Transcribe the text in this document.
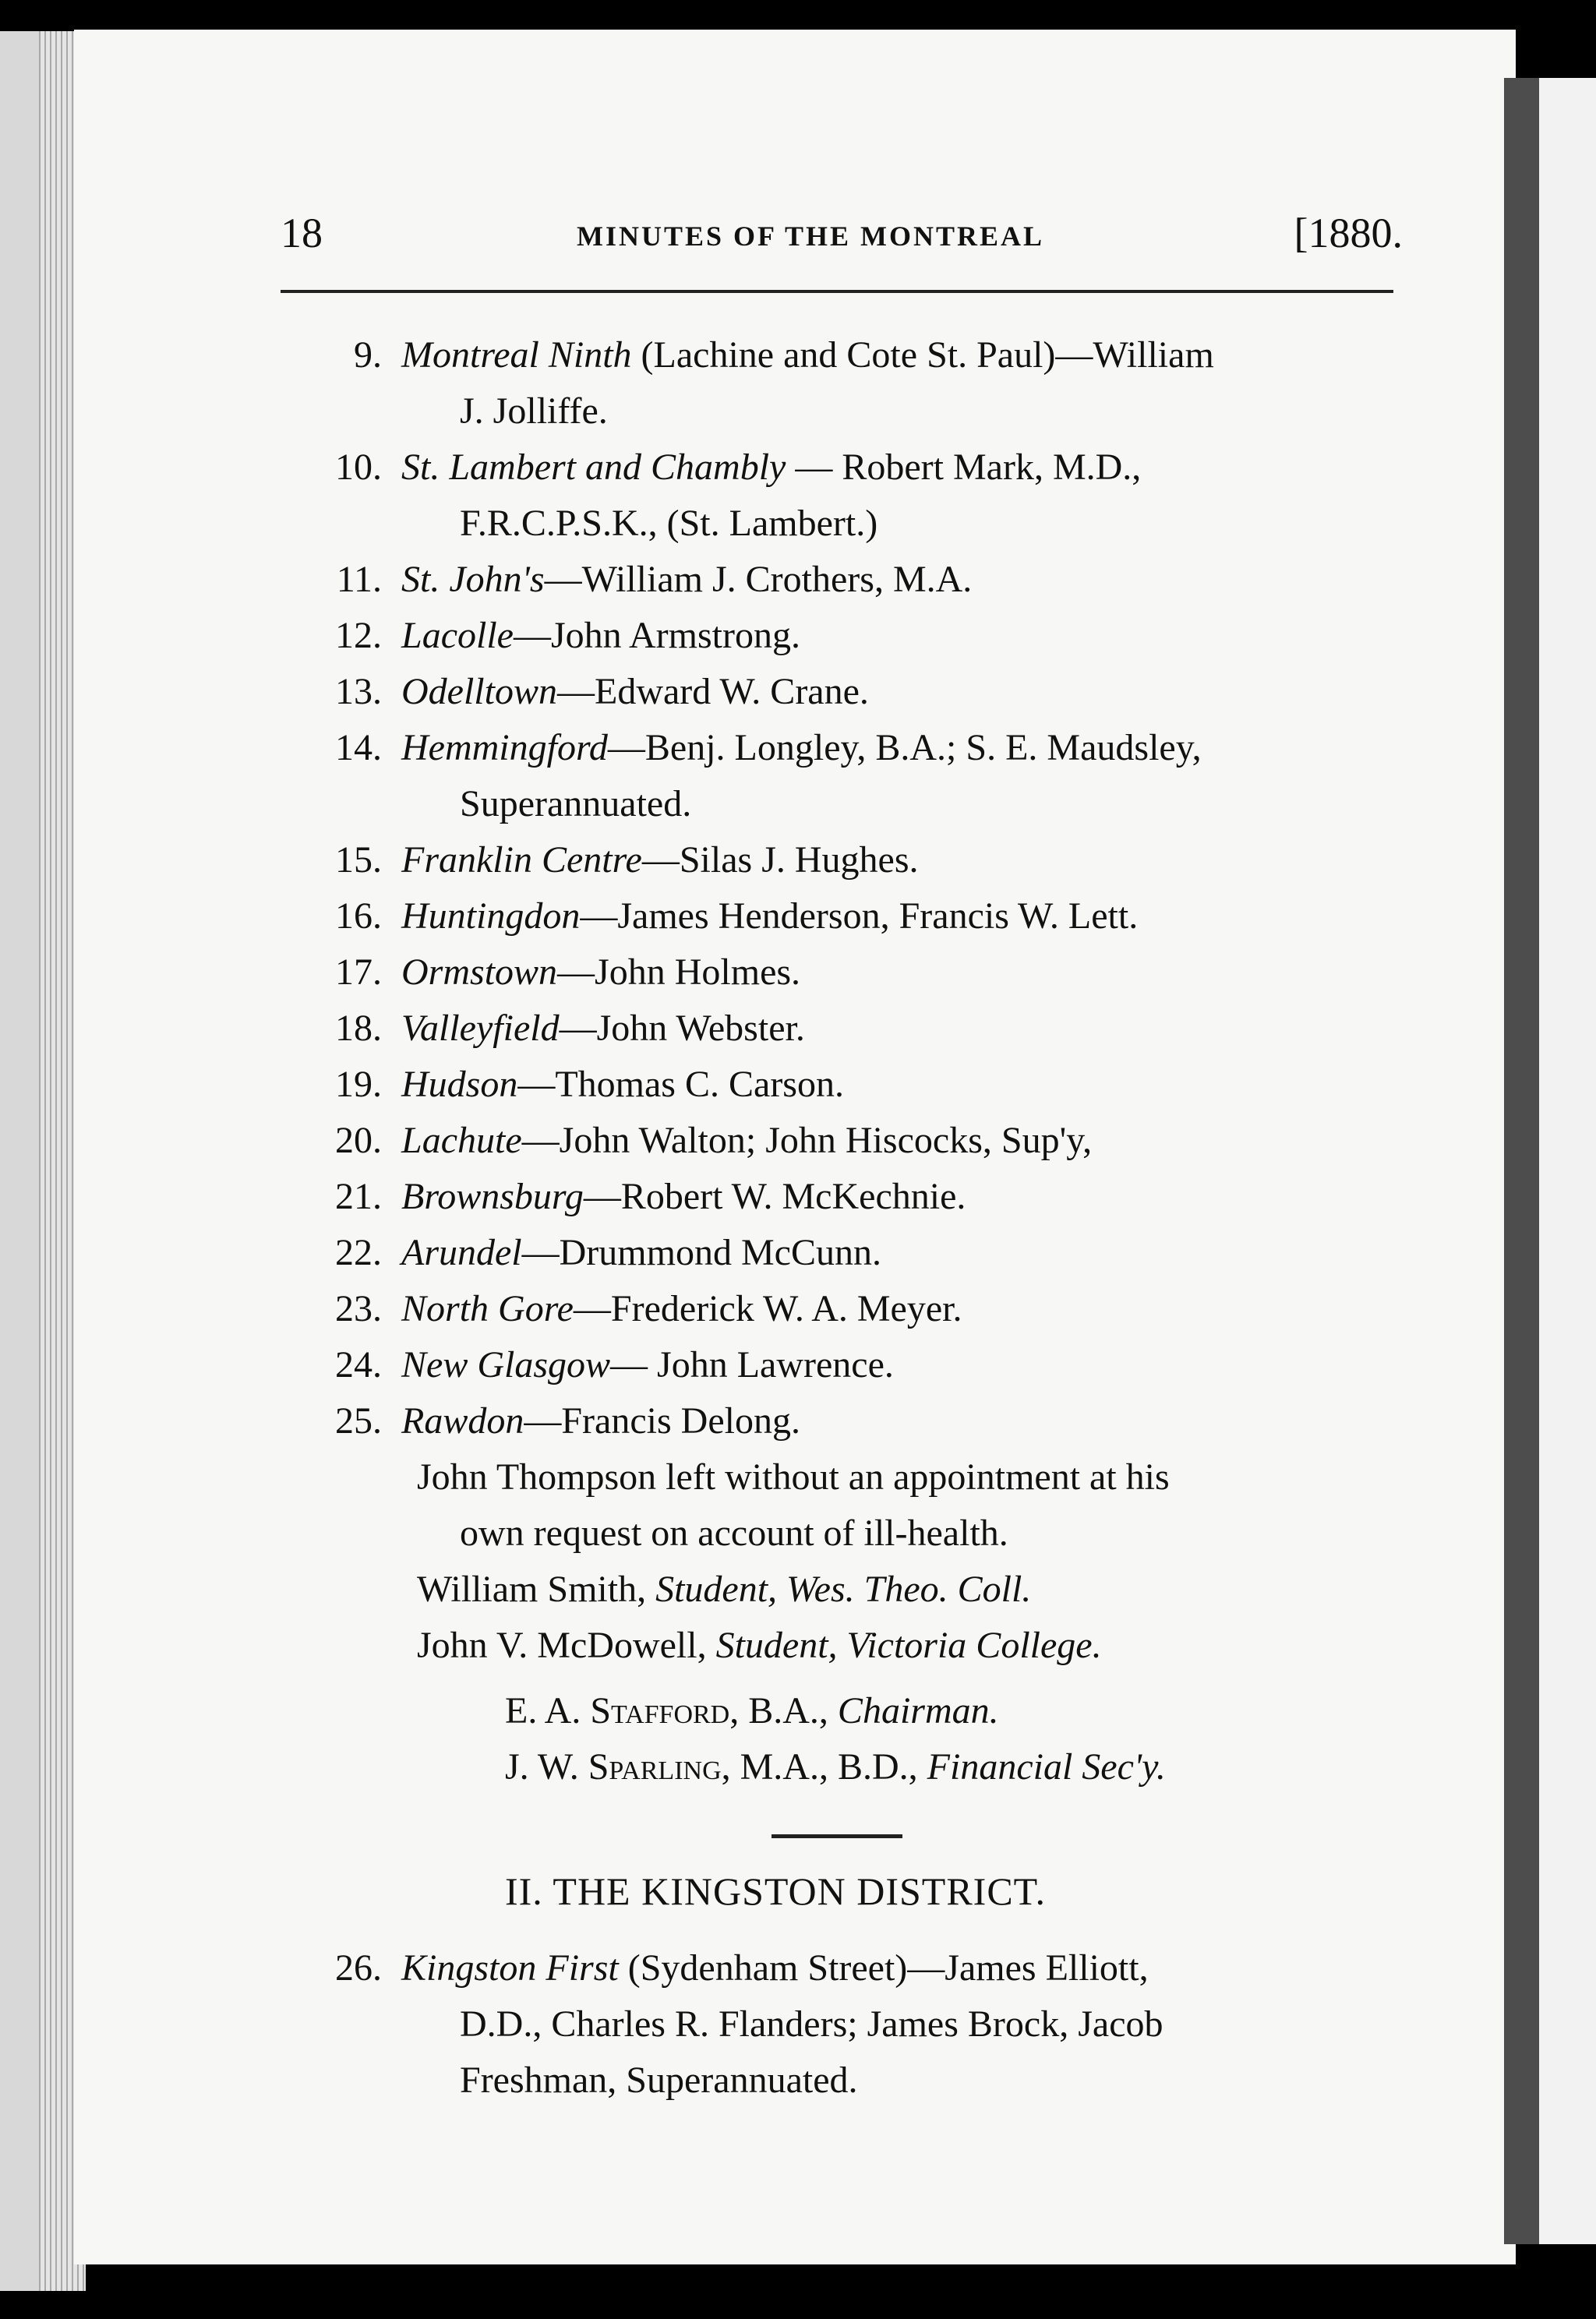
18	MINUTES OF THE MONTREAL	[1880.
9. Montreal Ninth (Lachine and Cote St. Paul)—William
J. Jolliffe.
10. St. Lambert and Chambly — Robert Mark, M.D.,
F.R.C.P.S.K., (St. Lambert.)
11. St. John's—William J. Crothers, M.A.
12. Lacolle—John Armstrong.
13. Odelltown—Edward W. Crane.
14. Hemmingford—Benj. Longley, B.A.; S. E. Maudsley,
Superannuated.
15. Franklin Centre—Silas J. Hughes.
16. Huntingdon—James Henderson, Francis W. Lett.
17. Ormstown—John Holmes.
18. Valleyfield—John Webster.
19. Hudson—Thomas C. Carson.
20. Lachute—John Walton; John Hiscocks, Sup'y,
21. Brownsburg—Robert W. McKechnie.
22. Arundel—Drummond McCunn.
23. North Gore—Frederick W. A. Meyer.
24. New Glasgow— John Lawrence.
25. Rawdon—Francis Delong.
John Thompson left without an appointment at his
own request on account of ill-health.
William Smith, Student, Wes. Theo. Coll.
John V. McDowell, Student, Victoria College.
E. A. Stafford, B.A., Chairman.
J. W. Sparling, M.A., B.D., Financial Sec'y.
II. THE KINGSTON DISTRICT.
26. Kingston First (Sydenham Street)—James Elliott,
D.D., Charles R. Flanders; James Brock, Jacob
Freshman, Superannuated.
